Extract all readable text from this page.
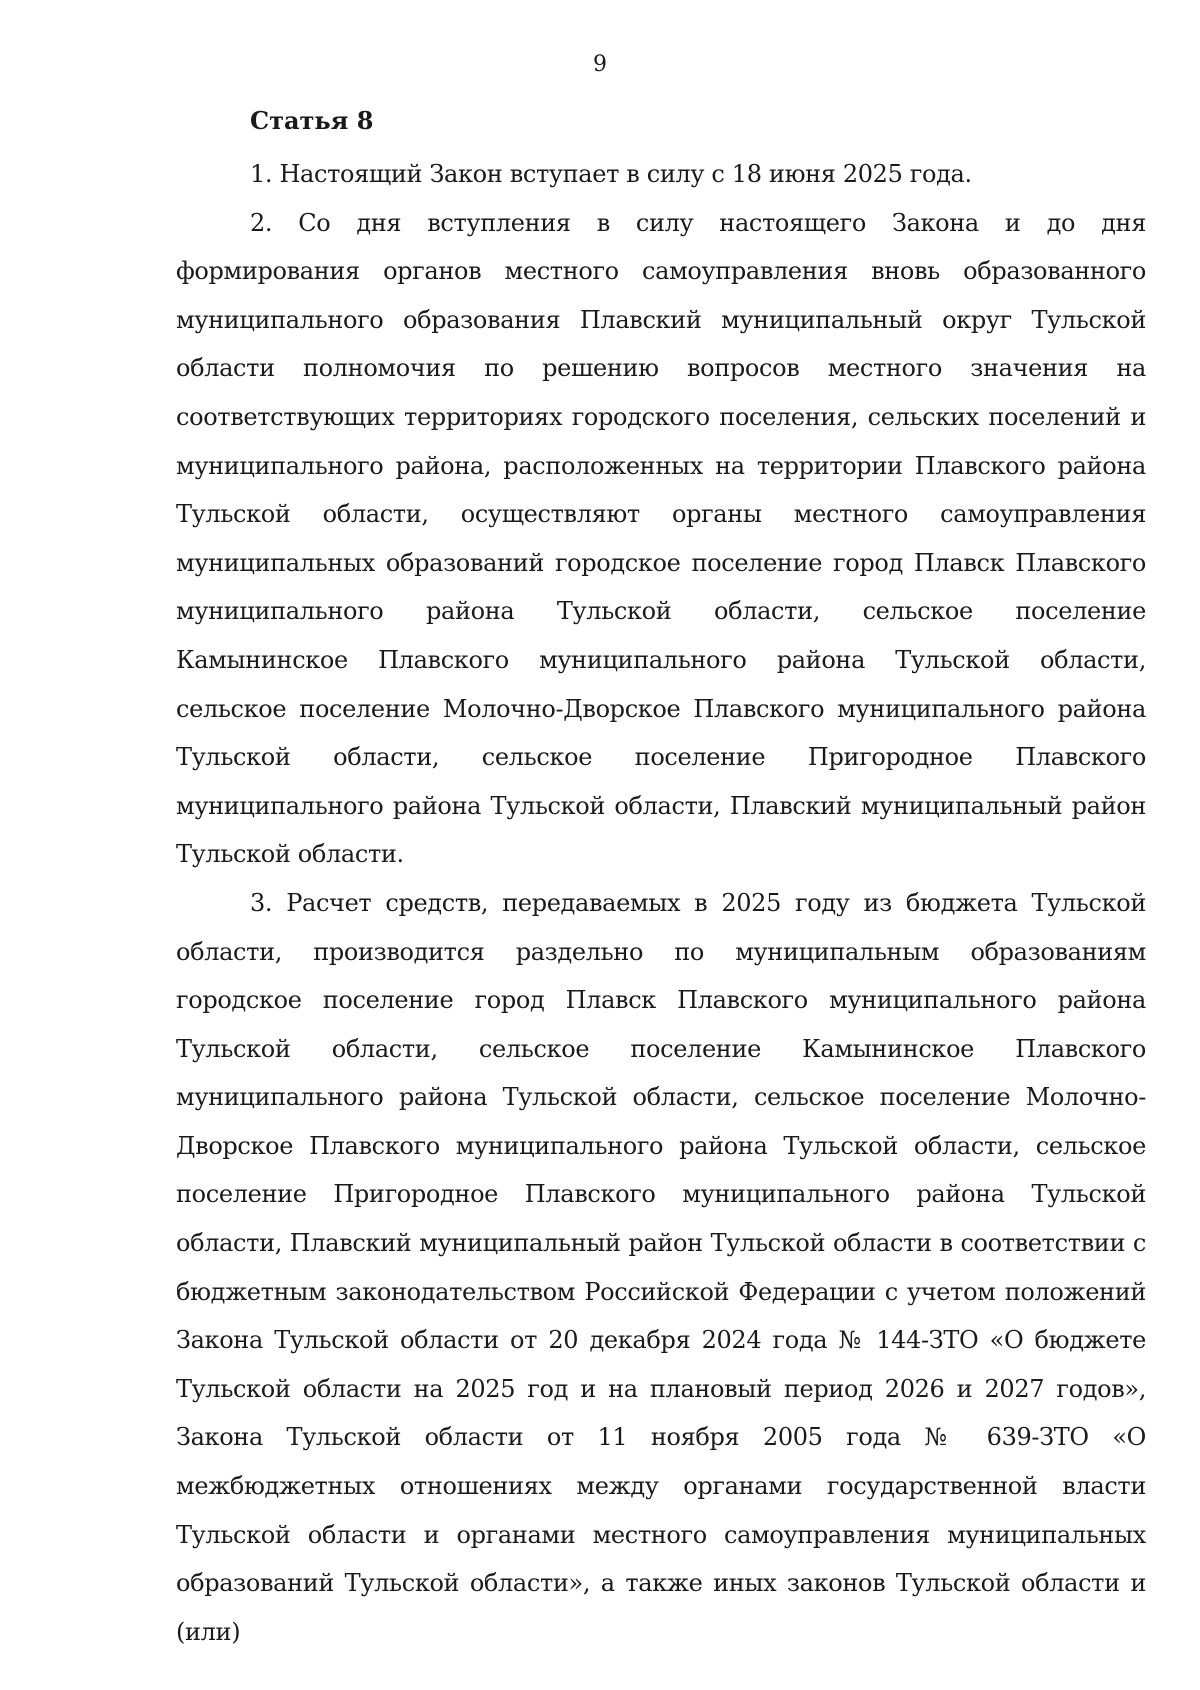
9
Статья 8

1. Настоящий Закон вступает в силу с 18 июня 2025 года.

2. Со дня вступления в силу настоящего Закона и до дня формирования органов местного самоуправления вновь образованного муниципального образования Плавский муниципальный округ Тульской области полномочия по решению вопросов местного значения на соответствующих территориях городского поселения, сельских поселений и муниципального района, расположенных на территории Плавского района Тульской области, осуществляют органы местного самоуправления муниципальных образований городское поселение город Плавск Плавского муниципального района Тульской области, сельское поселение Камынинское Плавского муниципального района Тульской области, сельское поселение Молочно-Дворское Плавского муниципального района Тульской области, сельское поселение Пригородное Плавского муниципального района Тульской области, Плавский муниципальный район Тульской области.

3. Расчет средств, передаваемых в 2025 году из бюджета Тульской области, производится раздельно по муниципальным образованиям городское поселение город Плавск Плавского муниципального района Тульской области, сельское поселение Камынинское Плавского муниципального района Тульской области, сельское поселение Молочно-Дворское Плавского муниципального района Тульской области, сельское поселение Пригородное Плавского муниципального района Тульской области, Плавский муниципальный район Тульской области в соответствии с бюджетным законодательством Российской Федерации с учетом положений Закона Тульской области от 20 декабря 2024 года № 144-ЗТО «О бюджете Тульской области на 2025 год и на плановый период 2026 и 2027 годов», Закона Тульской области от 11 ноября 2005 года № 639-ЗТО «О межбюджетных отношениях между органами государственной власти Тульской области и органами местного самоуправления муниципальных образований Тульской области», а также иных законов Тульской области и (или)
